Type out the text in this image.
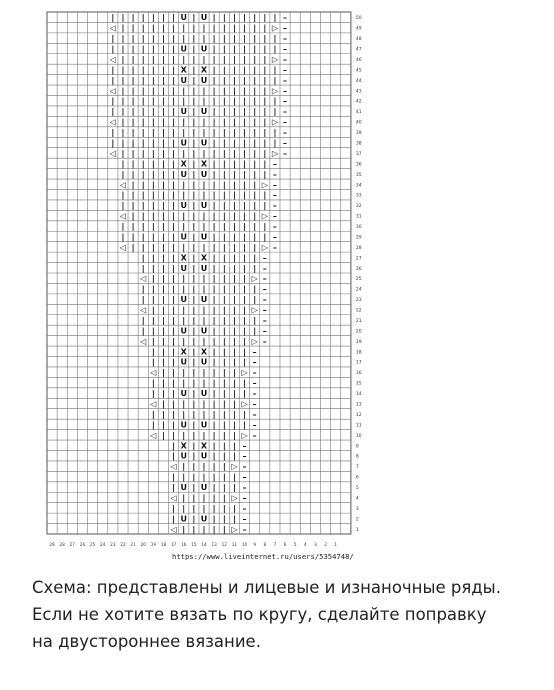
1
2
3
4
5
6
7
8
9
10
11
12
13
14
15
16
17
18
19
20
21
22
23
24
25
26
27
28
29
30
31
32
33
34
35
36
37
38
39
40
41
42
43
44
45
46
47
48
49
50
29 28 27 26 25 24 23 22 21 20 19 18 17 16 15 14 13 12 11 10 9 8 7 6 5 4 3 2 1
https://www.liveinternet.ru/users/5354748/
◁ | | | | | ▷ –
| U | U | | | –
| | | | | | | –
◁ | | | | | ▷ –
| U | U | | | –
| | | | | | | –
◁ | | | | | ▷ –
| U | U | | | –
| X | X | | | –
◁ | | | | | | | | ▷ –
| | | U | U | | | | –
| | | | | | | | | | –
◁ | | | | | | | | ▷ –
| | | U | U | | | | –
| | | | | | | | | | –
◁ | | | | | | | | ▷ –
| | | U | U | | | | –
| | | X | X | | | | –
◁ | | | | | | | | | | ▷ –
| | | | U | U | | | | | –
| | | | | | | | | | | | –
◁ | | | | | | | | | | ▷ –
| | | | U | U | | | | | –
| | | | | | | | | | | | –
◁ | | | | | | | | | | ▷ –
| | | | U | U | | | | | –
| | | | X | X | | | | | –
◁ | | | | | | | | | | | | | ▷ –
| | | | | | U | U | | | | | | –
| | | | | | | | | | | | | | | –
◁ | | | | | | | | | | | | | ▷ –
| | | | | | U | U | | | | | | –
| | | | | | | | | | | | | | | –
◁ | | | | | | | | | | | | | ▷ –
| | | | | | U | U | | | | | | –
| | | | | | X | X | | | | | | –
◁ | | | | | | | | | | | | | | | ▷ –
| | | | | | | U | U | | | | | | | –
| | | | | | | | | | | | | | | | | –
◁ | | | | | | | | | | | | | | | ▷ –
| | | | | | | U | U | | | | | | | –
| | | | | | | | | | | | | | | | | –
◁ | | | | | | | | | | | | | | | ▷ –
| | | | | | | U | U | | | | | | | –
| | | | | | | X | X | | | | | | | –
◁ | | | | | | | | | | | | | | | ▷ –
| | | | | | | U | U | | | | | | | –
| | | | | | | | | | | | | | | | | –
◁ | | | | | | | | | | | | | | | ▷ –
| | | | | | | U | U | | | | | | | –

Схема: представлены и лицевые и изнаночные ряды.

Если не хотите вязать по кругу, сделайте поправку

на двустороннее вязание.
